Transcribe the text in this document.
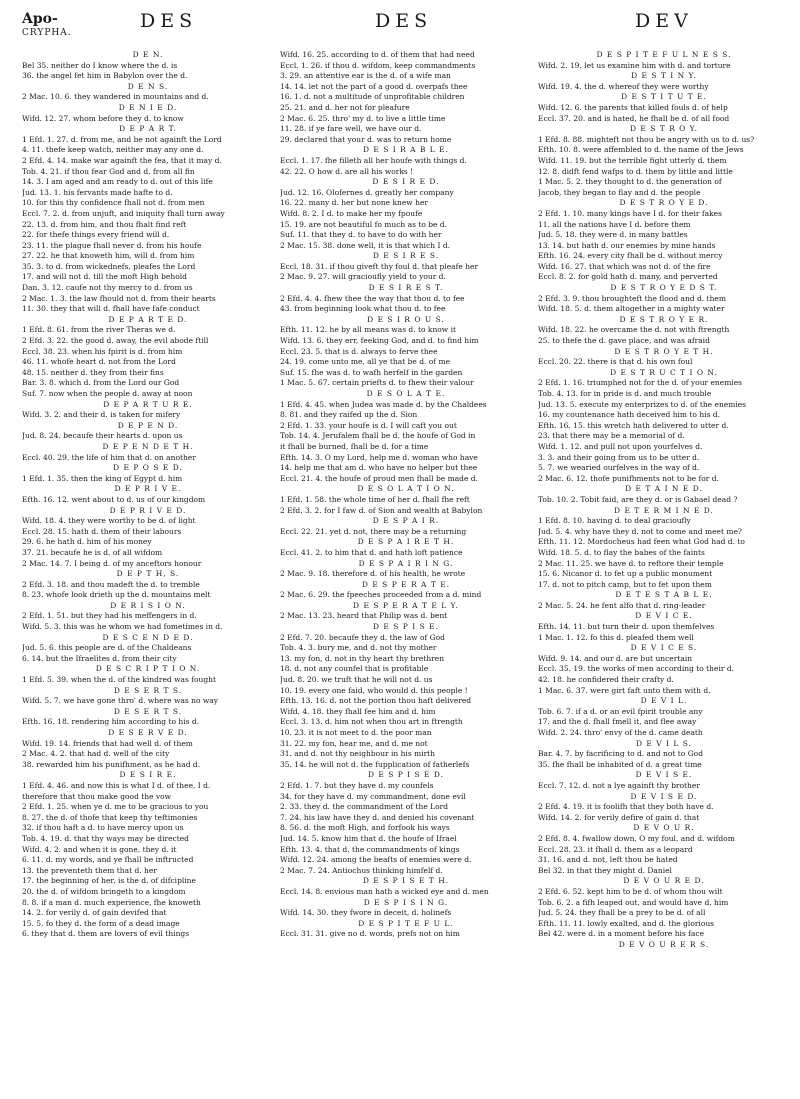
Apo-
CRYPHA.
DES	DES	DEV
D E N.
Bel 35. neither do I know where the d. is
36. the angel fet him in Babylon over the d.
D E N S.
2 Mac. 10. 6. they wandered in mountains and d.
D E N I E D.
Wifd. 12. 27. whom before they d. to know
D E P A R T.
1 Efd. 1. 27. d. from me, and be not againft the Lord
4. 11. thefe keep watch, neither may any one d.
2 Efd. 4. 14. make war againft the fea, that it may d.
Tob. 4. 21. if thou fear God and d. from all fin
14. 3. I am aged and am ready to d. out of this life
Jud. 13. 1. his fervants made hafte to d.
10. for this thy confidence fhall not d. from men
Eccl. 7. 2. d. from unjuft, and iniquity fhall turn away
22. 13. d. from him, and thou fhalt find reft
22. for thefe things every friend will d.
23. 11. the plague fhall never d. from his houfe
27. 22. he that knoweth him, will d. from him
35. 3. to d. from wickednefs, pleafes the Lord
17. and will not d. till the moft High behold
Dan. 3. 12. caufe not thy mercy to d. from us
2 Mac. 1. 3. the law fhould not d. from their hearts
11. 30. they that will d. fhall have fafe conduct
D E P A R T E D.
1 Efd. 8. 61. from the river Theras we d.
2 Efd. 3. 22. the good d. away, the evil abode ftill
Eccl. 38. 23. when his fpirit is d. from him
46. 11. whofe heart d. not from the Lord
48. 15. neither d. they from their fins
Bar. 3. 8. which d. from the Lord our God
Suf. 7. now when the people d. away at noon
D E P A R T U R E.
Wifd. 3. 2. and their d. is taken for mifery
D E P E N D.
Jud. 8. 24. becaufe their hearts d. upon us
D E P E N D E T H.
Eccl. 40. 29. the life of him that d. on another
D E P O S E D.
1 Efd. 1. 35. then the king of Egypt d. him
D E P R I V E.
Efth. 16. 12. went about to d. us of our kingdom
D E P R I V E D.
Wifd. 18. 4. they were worthy to be d. of light
Eccl. 28. 15. hath d. them of their labours
29. 6. he hath d. him of his money
37. 21. becaufe he is d. of all wifdom
2 Mac. 14. 7. I being d. of my anceftors honour
D E P T H, S.
2 Efd. 3. 18. and thou madeft the d. to tremble
8. 23. whofe look drieth up the d. mountains melt
D E R I S I O N.
2 Efd. 1. 51. but they had his meffengers in d.
Wifd. 5. 3. this was he whom we had fometimes in d.
D E S C E N D E D.
Jud. 5. 6. this people are d. of the Chaldeans
6. 14. but the Ifraelites d. from their city
D E S C R I P T I O N.
1 Efd. 5. 39. when the d. of the kindred was fought
D E S E R T S.
Wifd. 5. 7. we have gone thro' d. where was no way
D E S E R T S.
Efth. 16. 18. rendering him according to his d.
D E S E R V E D.
Wifd. 19. 14. friends that had well d. of them
2 Mac. 4. 2. that had d. well of the city
38. rewarded him his punifhment, as he had d.
D E S I R E.
1 Efd. 4. 46. and now this is what I d. of thee, I d.
therefore that thou make good the vow
2 Efd. 1. 25. when ye d. me to be gracious to you
8. 27. the d. of thofe that keep thy teftimonies
32. if thou haft a d. to have mercy upon us
Tob. 4. 19. d. that thy ways may be directed
Wifd. 4. 2. and when it is gone, they d. it
6. 11. d. my words, and ye fhall be inftructed
13. the preventeth them that d. her
17. the beginning of her, is the d. of difcipline
20. the d. of wifdom bringeth to a kingdom
8. 8. if a man d. much experience, fhe knoweth
14. 2. for verily d. of gain devifed that
15. 5. fo they d. the form of a dead image
6. they that d. them are lovers of evil things
Wifd. 16. 25. according to d. of them that had need
Eccl. 1. 26. if thou d. wifdom, keep commandments
3. 29. an attentive ear is the d. of a wife man
14. 14. let not the part of a good d. overpafs thee
16. 1. d. not a multitude of unprofitable children
25. 21. and d. her not for pleafure
2 Mac. 6. 25. thro' my d. to live a little time
11. 28. if ye fare well, we have our d.
29. declared that your d. was to return home
D E S I R A B L E.
Eccl. 1. 17. fhe filleth all her houfe with things d.
42. 22. O how d. are all his works !
D E S I R E D.
Jud. 12. 16. Olofernes d. greatly her company
16. 22. many d. her but none knew her
Wifd. 8. 2. I d. to make her my fpoufe
15. 19. are not beautiful fo much as to be d.
Suf. 11. that they d. to have to do with her
2 Mac. 15. 38. done well, it is that which I d.
D E S I R E S.
Eccl. 18. 31. if thou giveft thy foul d. that pleafe her
2 Mac. 9. 27. will gracioufly yield to your d.
D E S I R E S T.
2 Efd. 4. 4. fhew thee the way that thou d. to fee
43. from beginning look what thou d. to fee
D E S I R O U S.
Efth. 11. 12. he by all means was d. to know it
Wifd. 13. 6. they err, feeking God, and d. to find him
Eccl. 23. 5. that is d. always to ferve thee
24. 19. come unto me, all ye that be d. of me
Suf. 15. fhe was d. to wafh herfelf in the garden
1 Mac. 5. 67. certain priefts d. to fhew their valour
D E S O L A T E.
1 Efd. 4. 45. when Judea was made d. by the Chaldees
8. 81. and they raifed up the d. Sion
2 Efd. 1. 33. your houfe is d. I will caft you out
Tob. 14. 4. Jerufalem fhall be d. the houfe of God in
it fhall be burned, fhall be d. for a time
Efth. 14. 3. O my Lord, help me d. woman who have
14. help me that am d. who have no helper but thee
Eccl. 21. 4. the houfe of proud men fhall be made d.
D E S O L A T I O N.
1 Efd. 1. 58. the whole time of her d. fhall fhe reft
2 Efd. 3. 2. for I faw d. of Sion and wealth at Babylon
D E S P A I R.
Eccl. 22. 21. yet d. not, there may be a returning
D E S P A I R E T H.
Eccl. 41. 2. to him that d. and hath loft patience
D E S P A I R I N G.
2 Mac. 9. 18. therefore d. of his health, he wrote
D E S P E R A T E.
2 Mac. 6. 29. the fpeeches proceeded from a d. mind
D E S P E R A T E L Y.
2 Mac. 13. 23. heard that Philip was d. bent
D E S P I S E.
2 Efd. 7. 20. becaufe they d. the law of God
Tob. 4. 3. bury me, and d. not thy mother
13. my fon, d. not in thy heart thy brethren
18. d. not any counfel that is profitable
Jud. 8. 20. we truft that he will not d. us
10. 19. every one faid, who would d. this people !
Efth. 13. 16. d. not the portion thou haft delivered
Wifd. 4. 18. they fhall fee him and d. him
Eccl. 3. 13. d. him not when thou art in ftrength
10. 23. it is not meet to d. the poor man
31. 22. my fon, hear me, and d. me not
31. and d. not thy neighbour in his mirth
35. 14. he will not d. the fupplication of fatherlefs
D E S P I S E D.
2 Efd. 1. 7. but they have d. my counfels
34. for they have d. my commandment, done evil
2. 33. they d. the commandment of the Lord
7. 24. his law have they d. and denied his covenant
8. 56. d. the moft High, and forfook his ways
Jud. 14. 5. know him that d. the houfe of Ifrael
Efth. 13. 4. that d. the commandments of kings
Wifd. 12. 24. among the beafts of enemies were d.
2 Mac. 7. 24. Antiochus thinking himfelf d.
D E S P I S E T H.
Eccl. 14. 8. envious man hath a wicked eye and d. men
D E S P I S I N G.
Wifd. 14. 30. they fwore in deceit, d. holinefs
D E S P I T E F U L.
Eccl. 31. 31. give no d. words, prefs not on him
D E S P I T E F U L N E S S.
Wifd. 2. 19. let us examine him with d. and torture
D E S T I N Y.
Wifd. 19. 4. the d. whereof they were worthy
D E S T I T U T E.
Wifd. 12. 6. the parents that killed fouls d. of help
Eccl. 37. 20. and is hated, he fhall be d. of all food
D E S T R O Y.
1 Efd. 8. 88. mighteft not thou be angry with us to d. us?
Efth. 10. 8. were affembled to d. the name of the Jews
Wifd. 11. 19. but the terrible fight utterly d. them
12. 8. didft fend wafps to d. them by little and little
1 Mac. 5. 2. they thought to d. the generation of
Jacob, they began to flay and d. the people
D E S T R O Y E D.
2 Efd. 1. 10. many kings have I d. for their fakes
11. all the nations have I d. before them
Jud. 5. 18. they were d. in many battles
13. 14. but hath d. our enemies by mine hands
Efth. 16. 24. every city fhall be d. without mercy
Wifd. 16. 27. that which was not d. of the fire
Eccl. 8. 2. for gold hath d. many, and perverted
D E S T R O Y E D S T.
2 Efd. 3. 9. thou broughteft the flood and d. them
Wifd. 18. 5. d. them altogether in a mighty water
D E S T R O Y E R.
Wifd. 18. 22. he overcame the d. not with ftrength
25. to thefe the d. gave place, and was afraid
D E S T R O Y E T H.
Eccl. 20. 22. there is that d. his own foul
D E S T R U C T I O N.
2 Efd. 1. 16. triumphed not for the d. of your enemies
Tob. 4. 13. for in pride is d. and much trouble
Jud. 13. 5. execute my enterprizes to d. of the enemies
16. my countenance hath deceived him to his d.
Efth. 16. 15. this wretch hath delivered to utter d.
23. that there may be a memorial of d.
Wifd. 1. 12. and pull not upon yourfelves d.
3. 3. and their going from us to be utter d.
5. 7. we wearied ourfelves in the way of d.
2 Mac. 6. 12. thofe punifhments not to be for d.
D E T A I N E D.
Tob. 10. 2. Tobit faid, are they d. or is Gabael dead ?
D E T E R M I N E D.
1 Efd. 8. 10. having d. to deal gracioufly
Jud. 5. 4. why have they d. not to come and meet me?
Efth. 11. 12. Mordocheus had feen what God had d. to
Wifd. 18. 5. d. to flay the babes of the faints
2 Mac. 11. 25. we have d. to reftore their temple
15. 6. Nicanor d. to fet up a public monument
17. d. not to pitch camp, but to fet upon them
D E T E S T A B L E.
2 Mac. 5. 24. he fent alfo that d. ring-leader
D E V I C E.
Efth. 14. 11. but turn their d. upon themfelves
1 Mac. 1. 12. fo this d. pleafed them well
D E V I C E S.
Wifd. 9. 14. and our d. are but uncertain
Eccl. 35. 19. the works of men according to their d.
42. 18. he confidered their crafty d.
1 Mac. 6. 37. were girt faft unto them with d.
D E V I L.
Tob. 6. 7. if a d. or an evil fpirit trouble any
17. and the d. fhall fmell it, and flee away
Wifd. 2. 24. thro' envy of the d. came death
D E V I L S.
Bar. 4. 7. by facrificing to d. and not to God
35. fhe fhall be inhabited of d. a great time
D E V I S E.
Eccl. 7. 12. d. not a lye againft thy brother
D E V I S E D.
2 Efd. 4. 19. it is foolifh that they both have d.
Wifd. 14. 2. for verily defire of gain d. that
D E V O U R.
2 Efd. 8. 4. fwallow down, O my foul, and d. wifdom
Eccl. 28. 23. it fhall d. them as a leopard
31. 16. and d. not, left thou be hated
Bel 32. in that they might d. Daniel
D E V O U R E D.
2 Efd. 6. 52. kept him to be d. of whom thou wilt
Tob. 6. 2. a fifh leaped out, and would have d. him
Jud. 5. 24. they fhall be a prey to be d. of all
Efth. 11. 11. lowly exalted, and d. the glorious
Bel 42. were d. in a moment before his face
D E V O U R E R S.
